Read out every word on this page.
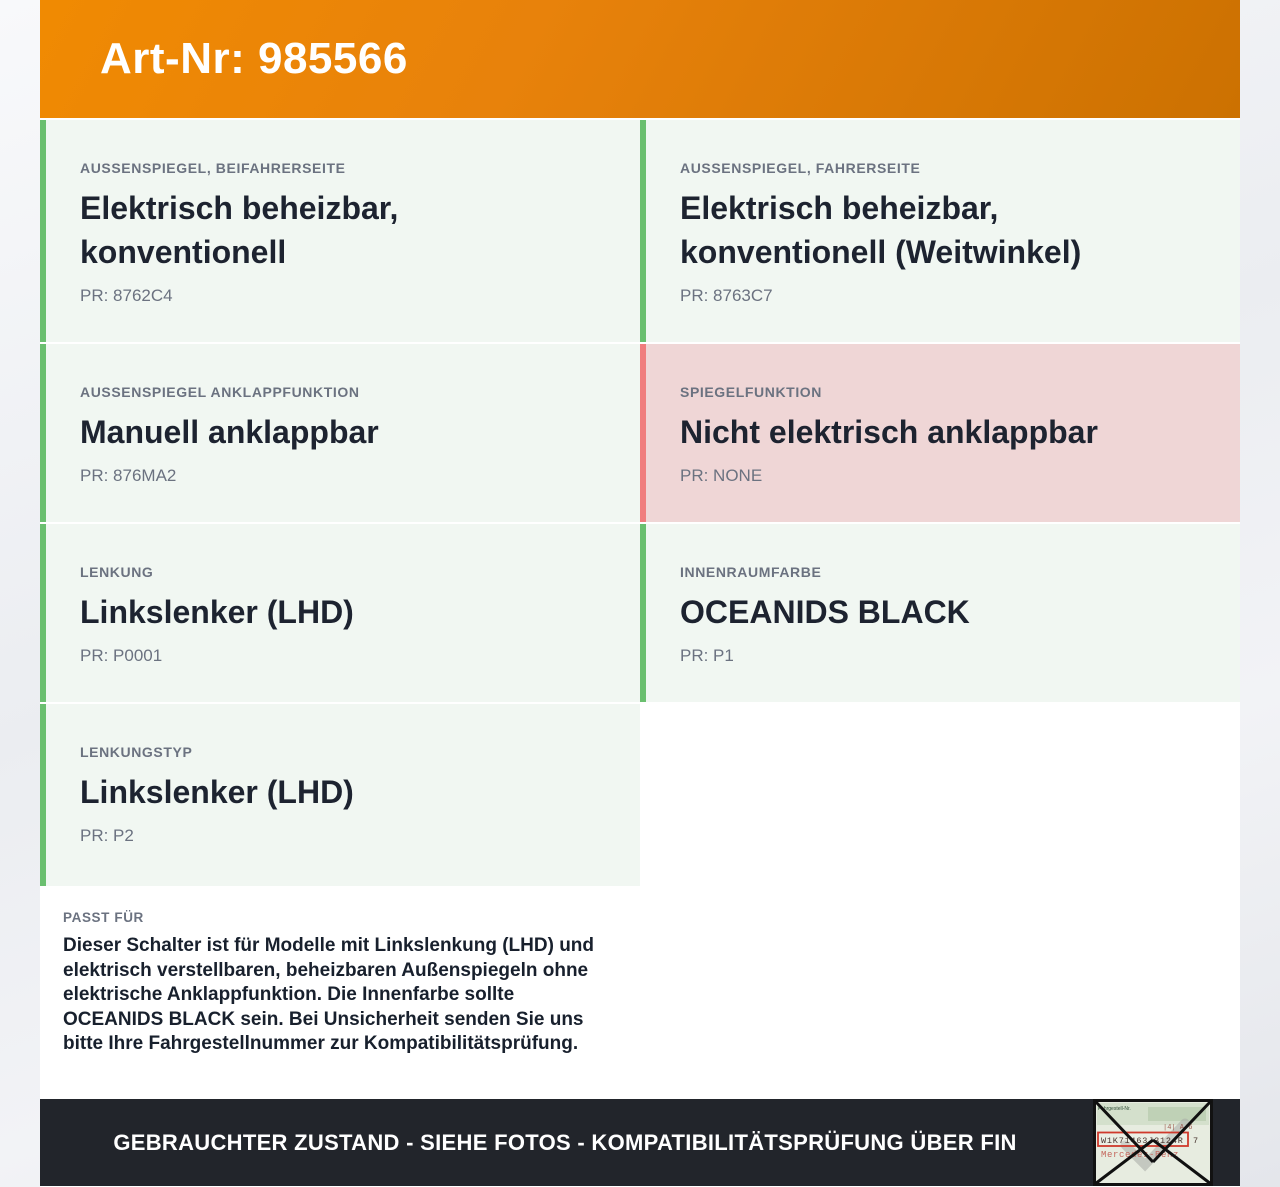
Art-Nr: 985566
AUSSENSPIEGEL, BEIFAHRERSEITE
Elektrisch beheizbar, konventionell
PR: 8762C4
AUSSENSPIEGEL, FAHRERSEITE
Elektrisch beheizbar, konventionell (Weitwinkel)
PR: 8763C7
AUSSENSPIEGEL ANKLAPPFUNKTION
Manuell anklappbar
PR: 876MA2
SPIEGELFUNKTION
Nicht elektrisch anklappbar
PR: NONE
LENKUNG
Linkslenker (LHD)
PR: P0001
INNENRAUMFARBE
OCEANIDS BLACK
PR: P1
LENKUNGSTYP
Linkslenker (LHD)
PR: P2
PASST FÜR
Dieser Schalter ist für Modelle mit Linkslenkung (LHD) und elektrisch verstellbaren, beheizbaren Außenspiegeln ohne elektrische Anklappfunktion. Die Innenfarbe sollte OCEANIDS BLACK sein. Bei Unsicherheit senden Sie uns bitte Ihre Fahrgestellnummer zur Kompatibilitätsprüfung.
GEBRAUCHTER ZUSTAND - SIEHE FOTOS - KOMPATIBILITÄTSPRÜFUNG ÜBER FIN
Fahrgestell-Nr.
|4| A/6
W1K71463J3124R 7
Mercedes-Benz
